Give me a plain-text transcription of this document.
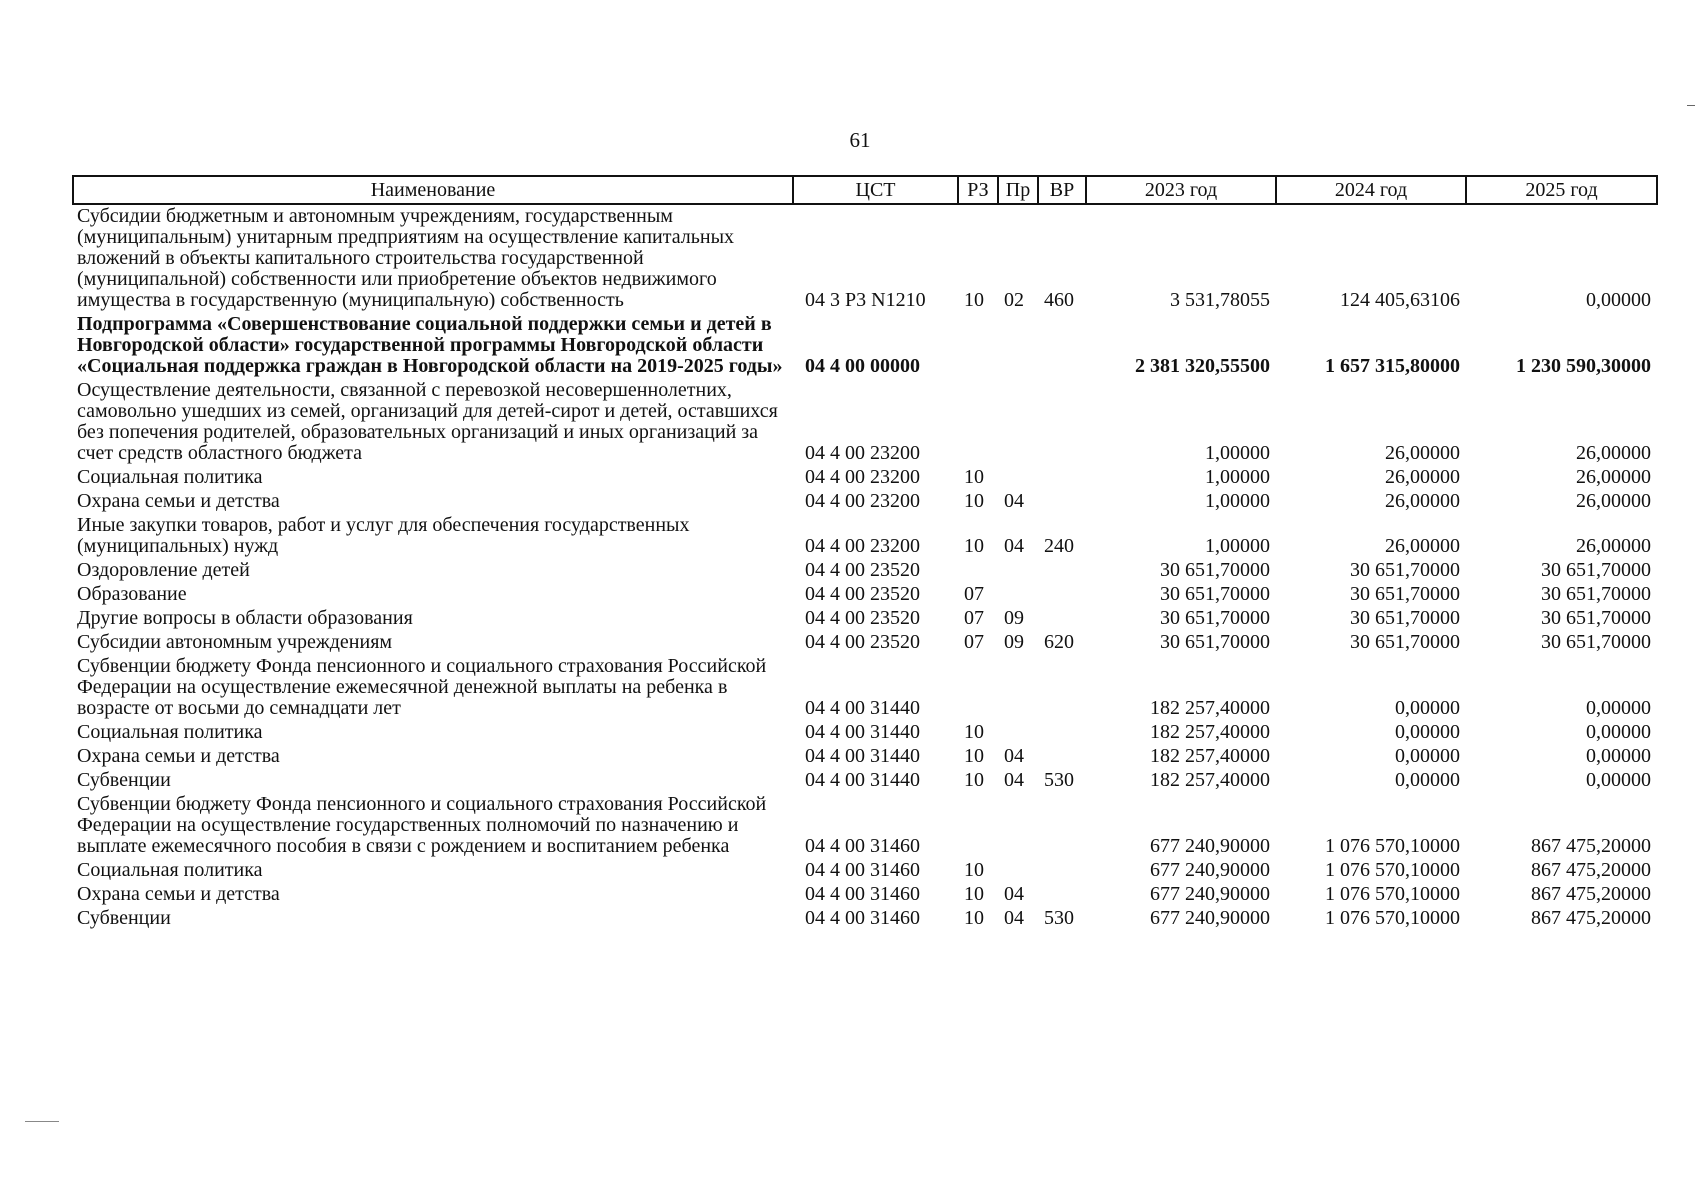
61
Наименование	ЦСТ	РЗ	Пр	ВР	2023 год	2024 год	2025 год
Субсидии бюджетным и автономным учреждениям, государственным (муниципальным) унитарным предприятиям на осуществление капитальных вложений в объекты капитального строительства государственной (муниципальной) собственности или приобретение объектов недвижимого имущества в государственную (муниципальную) собственность	04 3 Р3 N1210	10	02	460	3 531,78055	124 405,63106	0,00000
Подпрограмма «Совершенствование социальной поддержки семьи и детей в Новгородской области» государственной программы Новгородской области «Социальная поддержка граждан в Новгородской области на 2019-2025 годы»	04 4 00 00000				2 381 320,55500	1 657 315,80000	1 230 590,30000
Осуществление деятельности, связанной с перевозкой несовершеннолетних, самовольно ушедших из семей, организаций для детей-сирот и детей, оставшихся без попечения родителей, образовательных организаций и иных организаций за счет средств областного бюджета	04 4 00 23200				1,00000	26,00000	26,00000
Социальная политика	04 4 00 23200	10			1,00000	26,00000	26,00000
Охрана семьи и детства	04 4 00 23200	10	04		1,00000	26,00000	26,00000
Иные закупки товаров, работ и услуг для обеспечения государственных (муниципальных) нужд	04 4 00 23200	10	04	240	1,00000	26,00000	26,00000
Оздоровление детей	04 4 00 23520				30 651,70000	30 651,70000	30 651,70000
Образование	04 4 00 23520	07			30 651,70000	30 651,70000	30 651,70000
Другие вопросы в области образования	04 4 00 23520	07	09		30 651,70000	30 651,70000	30 651,70000
Субсидии автономным учреждениям	04 4 00 23520	07	09	620	30 651,70000	30 651,70000	30 651,70000
Субвенции бюджету Фонда пенсионного и социального страхования Российской Федерации на осуществление ежемесячной денежной выплаты на ребенка в возрасте от восьми до семнадцати лет	04 4 00 31440				182 257,40000	0,00000	0,00000
Социальная политика	04 4 00 31440	10			182 257,40000	0,00000	0,00000
Охрана семьи и детства	04 4 00 31440	10	04		182 257,40000	0,00000	0,00000
Субвенции	04 4 00 31440	10	04	530	182 257,40000	0,00000	0,00000
Субвенции бюджету Фонда пенсионного и социального страхования Российской Федерации на осуществление государственных полномочий по назначению и выплате ежемесячного пособия в связи с рождением и воспитанием ребенка	04 4 00 31460				677 240,90000	1 076 570,10000	867 475,20000
Социальная политика	04 4 00 31460	10			677 240,90000	1 076 570,10000	867 475,20000
Охрана семьи и детства	04 4 00 31460	10	04		677 240,90000	1 076 570,10000	867 475,20000
Субвенции	04 4 00 31460	10	04	530	677 240,90000	1 076 570,10000	867 475,20000
